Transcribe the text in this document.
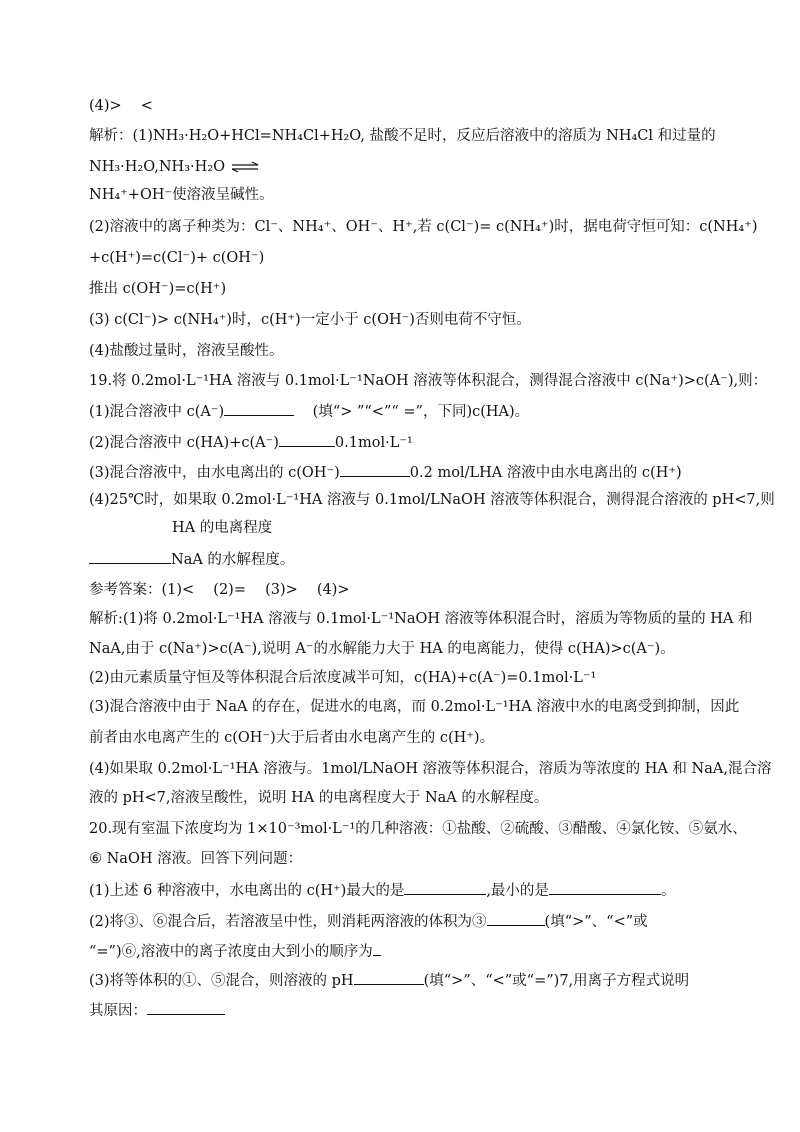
(4)>　 <
解析：(1)NH₃·H₂O+HCl=NH₄Cl+H₂O, 盐酸不足时，反应后溶液中的溶质为 NH₄Cl 和过量的
NH₃·H₂O,NH₃·H₂O ⇌
NH₄⁺+OH⁻使溶液呈碱性。
(2)溶液中的离子种类为：Cl⁻、NH₄⁺、OH⁻、H⁺,若 c(Cl⁻)= c(NH₄⁺)时，据电荷守恒可知：c(NH₄⁺)
+c(H⁺)=c(Cl⁻)+ c(OH⁻)
推出 c(OH⁻)=c(H⁺)
(3) c(Cl⁻)> c(NH₄⁺)时，c(H⁺)一定小于 c(OH⁻)否则电荷不守恒。
(4)盐酸过量时，溶液呈酸性。
19.将 0.2mol·L⁻¹HA 溶液与 0.1mol·L⁻¹NaOH 溶液等体积混合，测得混合溶液中 c(Na⁺)>c(A⁻),则：
(1)混合溶液中 c(A⁻)	(填“> ”“<”“ =”，下同)c(HA)。
(2)混合溶液中 c(HA)+c(A⁻)	0.1mol·L⁻¹
(3)混合溶液中，由水电离出的 c(OH⁻)	0.2 mol/LHA 溶液中由水电离出的 c(H⁺)
(4)25℃时，如果取 0.2mol·L⁻¹HA 溶液与 0.1mol/LNaOH 溶液等体积混合，测得混合溶液的 pH<7,则
HA 的电离程度
NaA 的水解程度。
参考答案：(1)<　 (2)=　 (3)>　 (4)>
解析:(1)将 0.2mol·L⁻¹HA 溶液与 0.1mol·L⁻¹NaOH 溶液等体积混合时，溶质为等物质的量的 HA 和
NaA,由于 c(Na⁺)>c(A⁻),说明 A⁻的水解能力大于 HA 的电离能力，使得 c(HA)>c(A⁻)。
(2)由元素质量守恒及等体积混合后浓度减半可知，c(HA)+c(A⁻)=0.1mol·L⁻¹
(3)混合溶液中由于 NaA 的存在，促进水的电离，而 0.2mol·L⁻¹HA 溶液中水的电离受到抑制，因此
前者由水电离产生的 c(OH⁻)大于后者由水电离产生的 c(H⁺)。
(4)如果取 0.2mol·L⁻¹HA 溶液与。1mol/LNaOH 溶液等体积混合，溶质为等浓度的 HA 和 NaA,混合溶
液的 pH<7,溶液呈酸性，说明 HA 的电离程度大于 NaA 的水解程度。
20.现有室温下浓度均为 1×10⁻³mol·L⁻¹的几种溶液：①盐酸、②硫酸、③醋酸、④氯化铵、⑤氨水、
⑥ NaOH 溶液。回答下列问题：
(1)上述 6 种溶液中，水电离出的 c(H⁺)最大的是	,最小的是	。
(2)将③、⑥混合后，若溶液呈中性，则消耗两溶液的体积为③	(填“>”、“<”或
“=”)⑥,溶液中的离子浓度由大到小的顺序为
(3)将等体积的①、⑤混合，则溶液的 pH	(填“>”、“<”或“=”)7,用离子方程式说明
其原因：
